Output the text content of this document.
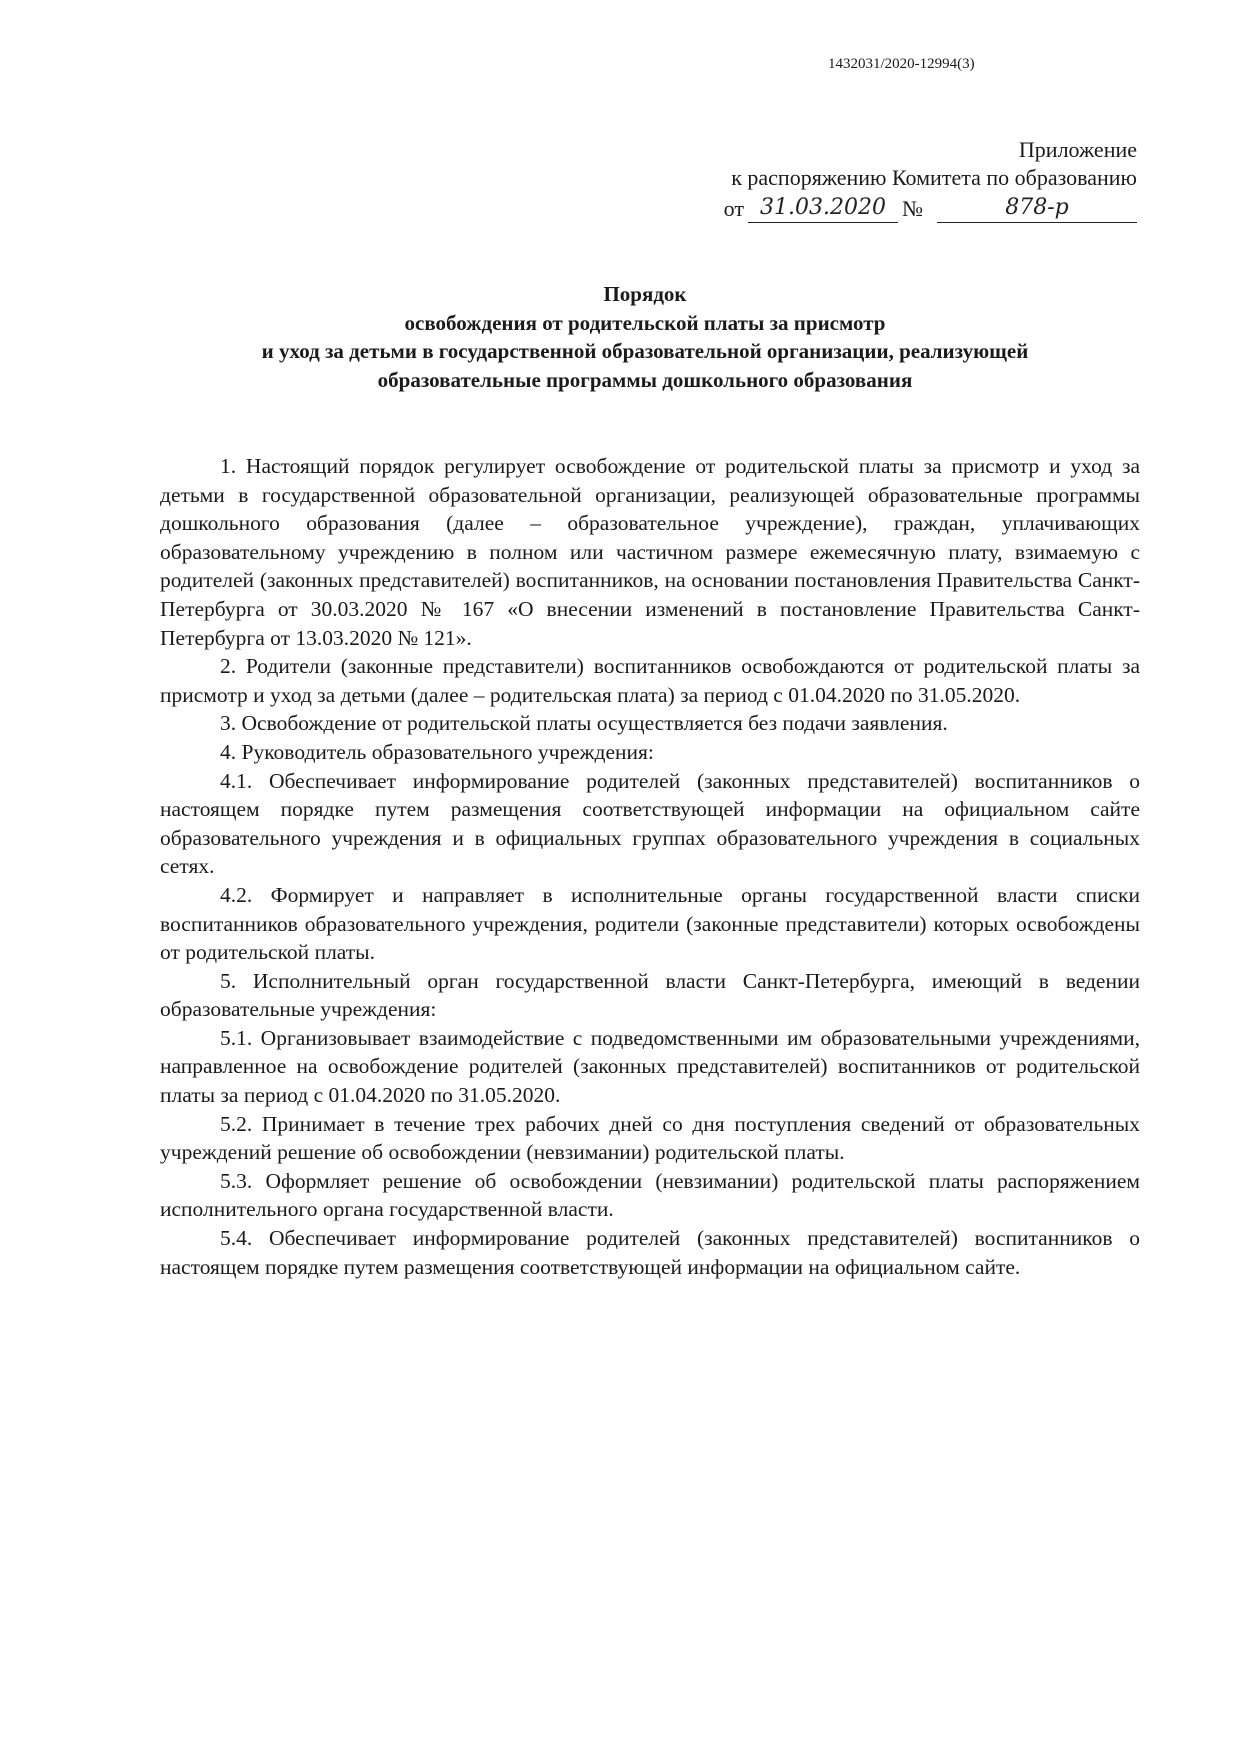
1432031/2020-12994(3)
Приложение
к распоряжению Комитета по образованию
от 31.03.2020 №	878-р
Порядок
освобождения от родительской платы за присмотр
и уход за детьми в государственной образовательной организации, реализующей
образовательные программы дошкольного образования

1. Настоящий порядок регулирует освобождение от родительской платы за присмотр и уход за детьми в государственной образовательной организации, реализующей образовательные программы дошкольного образования (далее – образовательное учреждение), граждан, уплачивающих образовательному учреждению в полном или частичном размере ежемесячную плату, взимаемую с родителей (законных представителей) воспитанников, на основании постановления Правительства Санкт-Петербурга от 30.03.2020 № 167 «О внесении изменений в постановление Правительства Санкт-Петербурга от 13.03.2020 № 121».

2. Родители (законные представители) воспитанников освобождаются от родительской платы за присмотр и уход за детьми (далее – родительская плата) за период с 01.04.2020 по 31.05.2020.

3. Освобождение от родительской платы осуществляется без подачи заявления.

4. Руководитель образовательного учреждения:

4.1. Обеспечивает информирование родителей (законных представителей) воспитанников о настоящем порядке путем размещения соответствующей информации на официальном сайте образовательного учреждения и в официальных группах образовательного учреждения в социальных сетях.

4.2. Формирует и направляет в исполнительные органы государственной власти списки воспитанников образовательного учреждения, родители (законные представители) которых освобождены от родительской платы.

5. Исполнительный орган государственной власти Санкт-Петербурга, имеющий в ведении образовательные учреждения:

5.1. Организовывает взаимодействие с подведомственными им образовательными учреждениями, направленное на освобождение родителей (законных представителей) воспитанников от родительской платы за период с 01.04.2020 по 31.05.2020.

5.2. Принимает в течение трех рабочих дней со дня поступления сведений от образовательных учреждений решение об освобождении (невзимании) родительской платы.

5.3. Оформляет решение об освобождении (невзимании) родительской платы распоряжением исполнительного органа государственной власти.

5.4. Обеспечивает информирование родителей (законных представителей) воспитанников о настоящем порядке путем размещения соответствующей информации на официальном сайте.
